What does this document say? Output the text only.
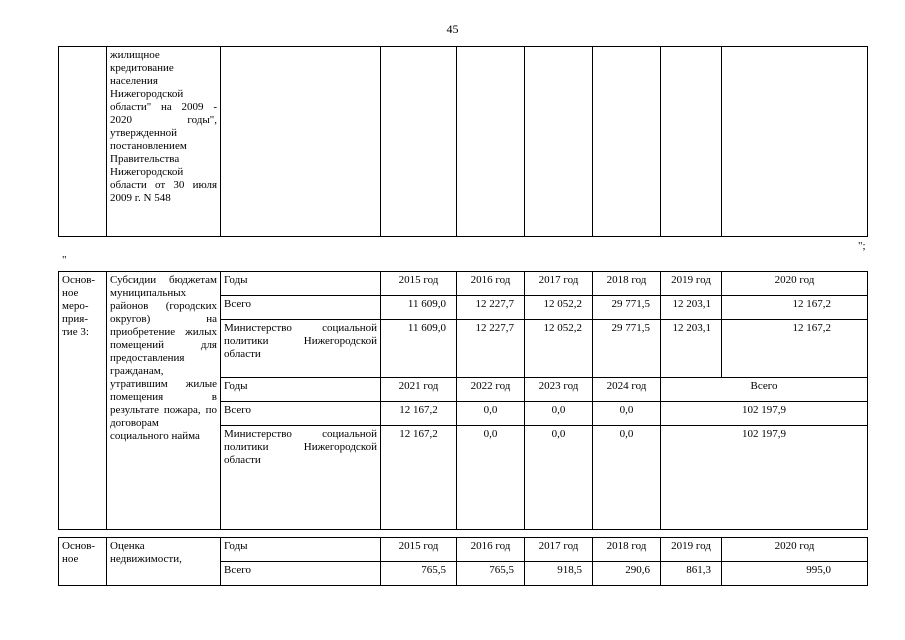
45
	жилищное кредитование населения Нижегородской области" на 2009 - 2020 годы", утвержденной постановлением Правительства Нижегородской области от 30 июля 2009 г. N 548							
";
"
Основ-
ное
меро-
прия-
тие 3:	Субсидии бюджетам муниципальных районов (городских округов) на приобретение жилых помещений для предоставления гражданам, утратившим жилые помещения в результате пожара, по договорам социального найма	Годы	2015 год	2016 год	2017 год	2018 год	2019 год	2020 год
		Всего	11 609,0	12 227,7	12 052,2	29 771,5	12 203,1	12 167,2
		Министерство социальной политики Нижегородской области	11 609,0	12 227,7	12 052,2	29 771,5	12 203,1	12 167,2
		Годы	2021 год	2022 год	2023 год	2024 год	Всего	
		Всего	12 167,2	0,0	0,0	0,0	102 197,9	
		Министерство социальной политики Нижегородской области	12 167,2	0,0	0,0	0,0	102 197,9	
Основ-
ное	Оценка недвижимости,	Годы	2015 год	2016 год	2017 год	2018 год	2019 год	2020 год
		Всего	765,5	765,5	918,5	290,6	861,3	995,0
